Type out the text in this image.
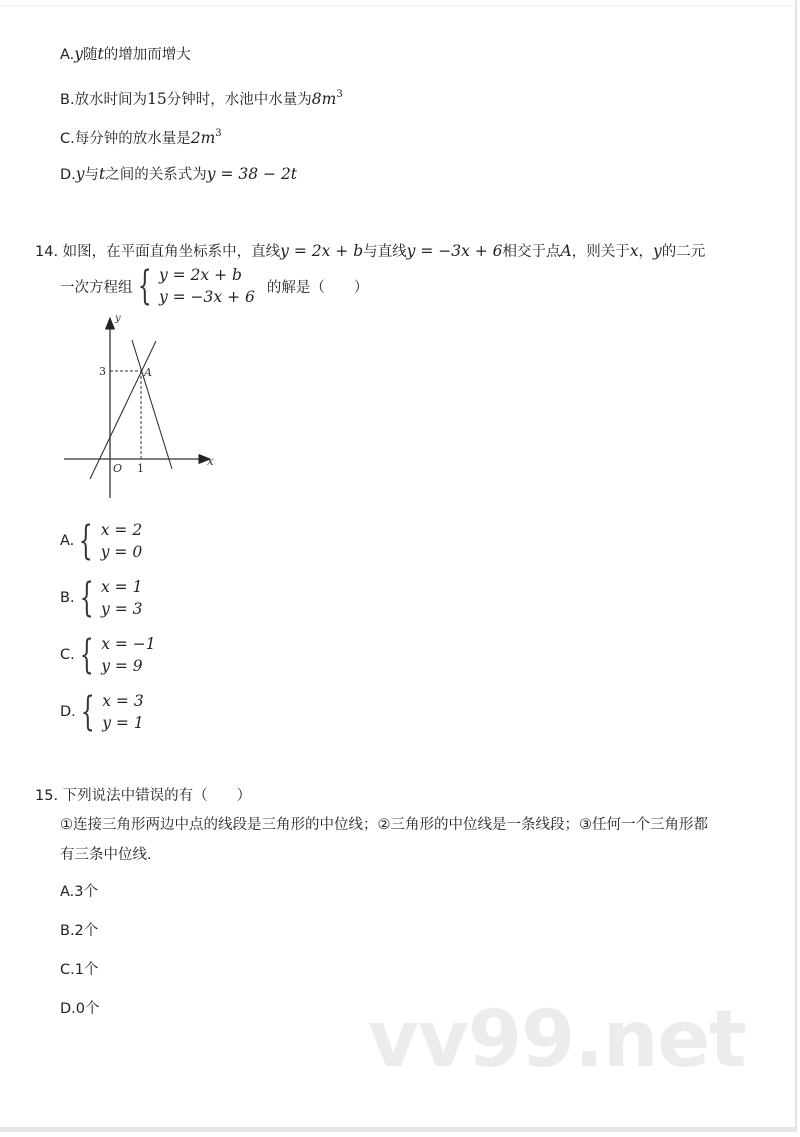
A.y随t的增加而增大
B.放水时间为15分钟时，水池中水量为$8m^3$
C.每分钟的放水量是$2m^3$
D.y与t之间的关系式为y = 38 − 2t
14. 如图，在平面直角坐标系中，直线y = 2x + b与直线y = −3x + 6相交于点A，则关于x，y的二元
一次方程组 { y = 2x + b
y = −3x + 6
的解是（　　）
y
x
O 1
3	A
A. { x = 2
y = 0
B. { x = 1
y = 3
C. { x = −1
y = 9
D. { x = 3
y = 1
15. 下列说法中错误的有（　　）
①连接三角形两边中点的线段是三角形的中位线；②三角形的中位线是一条线段；③任何一个三角形都
有三条中位线.
A.3个
B.2个
C.1个
D.0个	vv99.net
